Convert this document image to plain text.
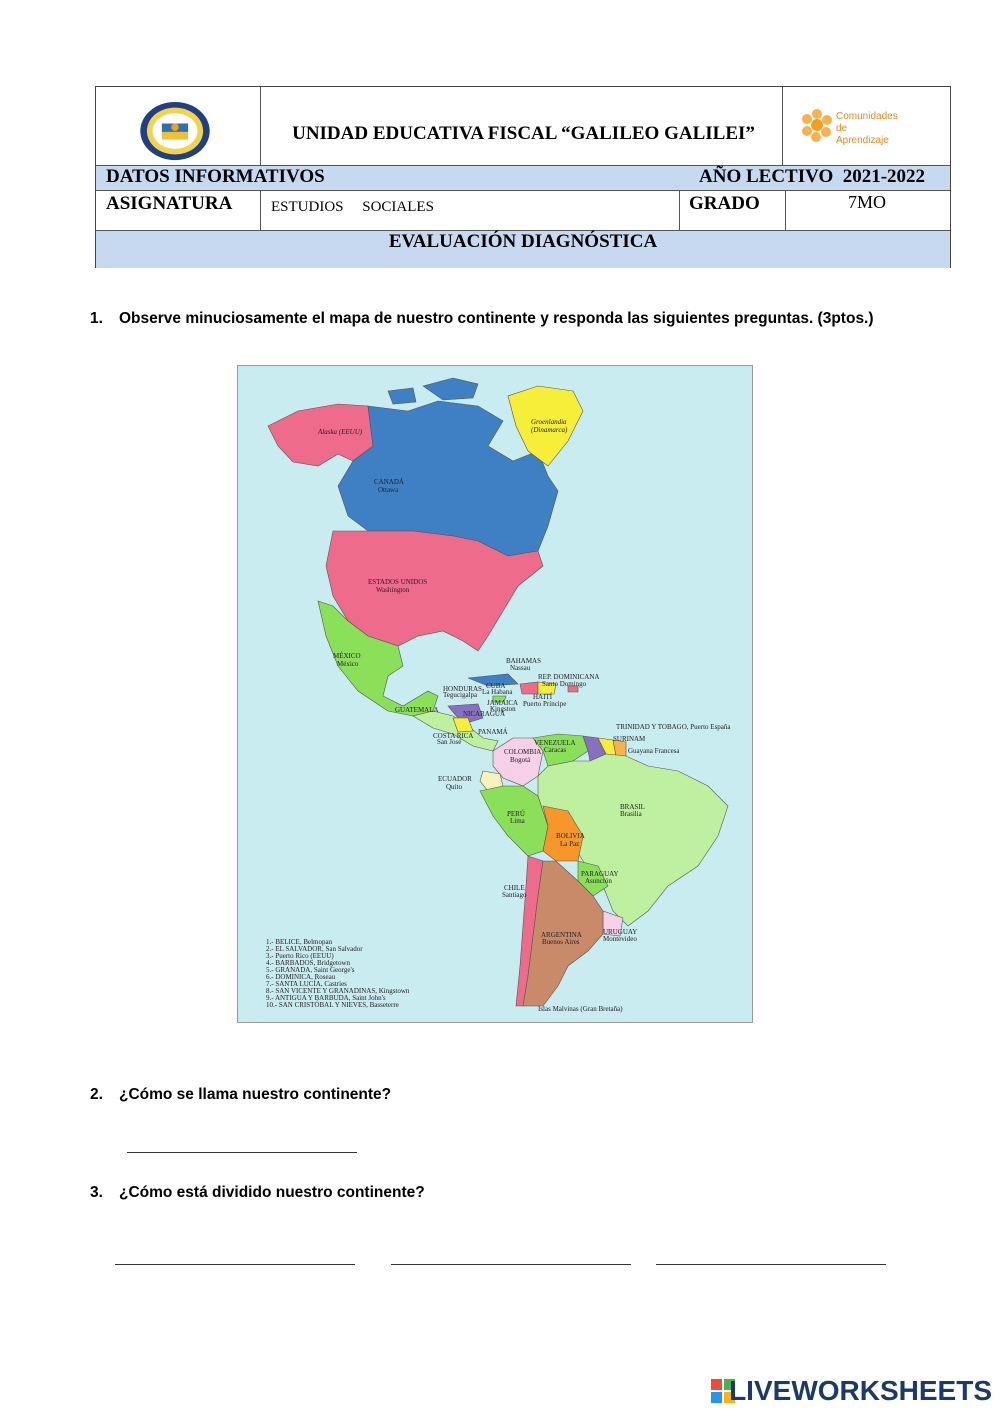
UNIDAD EDUCATIVA FISCAL “GALILEO GALILEI”
Comunidades de
Aprendizaje
DATOS INFORMATIVOS	AÑO LECTIVO  2021-2022
ASIGNATURA	ESTUDIOS     SOCIALES	GRADO	7MO
EVALUACIÓN DIAGNÓSTICA
1. Observe minuciosamente el mapa de nuestro continente y responda las siguientes preguntas. (3ptos.)
Alaska (EEUU)
Groenlandia
(Dinamarca)
CANADÁ
Ottawa
ESTADOS UNIDOS
Washington
MÉXICO
México	BAHAMAS
Nassau
CUBA
La Habana
REP. DOMINICANA
Santo Domingo
HAITÍ
Puerto Príncipe
JAMAICA
Kingston
HONDURAS
Tegucigalpa
GUATEMALA	NICARAGUA
COSTA RICA
San José
PANAMÁ
TRINIDAD Y TOBAGO, Puerto España
VENEZUELA
Caracas
SURINAM
Guayana Francesa
COLOMBIA
Bogotá
ECUADOR
Quito
PERÚ
Lima
BRASIL
Brasilia
BOLIVIA
La Paz
CHILE
Santiago
PARAGUAY
Asunción
URUGUAY
Montevideo
ARGENTINA
Buenos Aires
Islas Malvinas (Gran Bretaña)
1.- BELICE, Belmopan
2.- EL SALVADOR, San Salvador
3.- Puerto Rico (EEUU)
4.- BARBADOS, Bridgetown
5.- GRANADA, Saint George's
6.- DOMINICA, Roseau
7.- SANTA LUCÍA, Castries
8.- SAN VICENTE Y GRANADINAS, Kingstown
9.- ANTIGUA Y BARBUDA, Saint John's
10.- SAN CRISTÓBAL Y NIEVES, Basseterre
2. ¿Cómo se llama nuestro continente?
3. ¿Cómo está dividido nuestro continente?
LIVEWORKSHEETS
